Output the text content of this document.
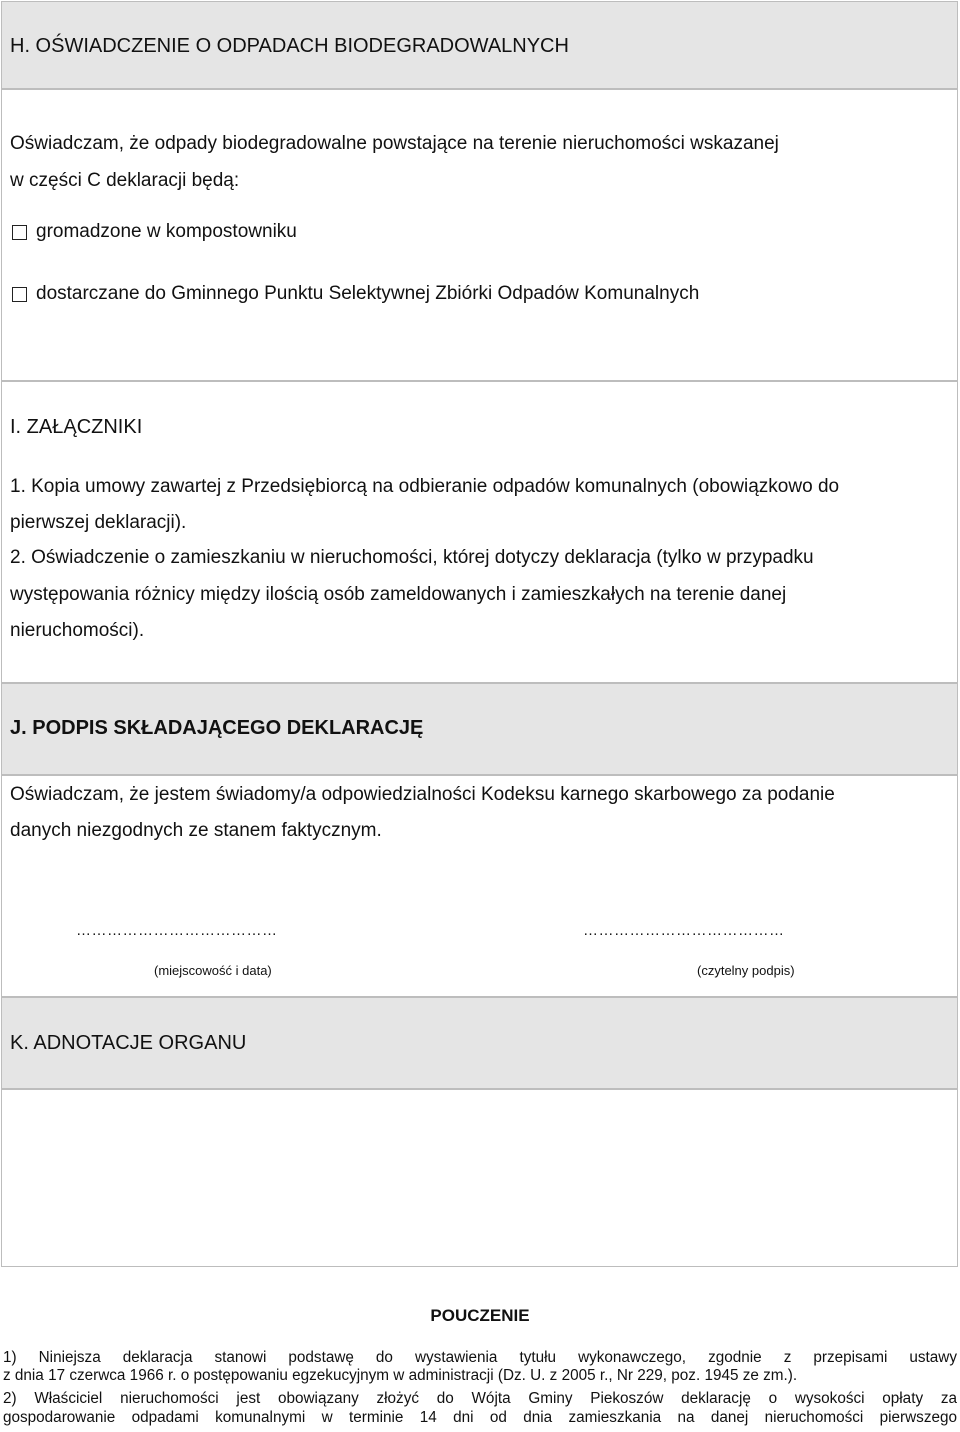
H. OŚWIADCZENIE O ODPADACH BIODEGRADOWALNYCH
Oświadczam, że odpady biodegradowalne powstające na terenie nieruchomości wskazanej
w części C deklaracji będą:
gromadzone w kompostowniku
dostarczane do Gminnego Punktu Selektywnej Zbiórki Odpadów Komunalnych
I. ZAŁĄCZNIKI
1. Kopia umowy zawartej z Przedsiębiorcą na odbieranie odpadów komunalnych (obowiązkowo do
pierwszej deklaracji).
2. Oświadczenie o zamieszkaniu w nieruchomości, której dotyczy deklaracja (tylko w przypadku
występowania różnicy między ilością osób zameldowanych i zamieszkałych na terenie danej
nieruchomości).
J. PODPIS SKŁADAJĄCEGO DEKLARACJĘ
Oświadczam, że jestem świadomy/a odpowiedzialności Kodeksu karnego skarbowego za podanie
danych niezgodnych ze stanem faktycznym.
…………………………………	…………………………………
(miejscowość i data)	(czytelny podpis)
K. ADNOTACJE ORGANU
POUCZENIE
1) Niniejsza deklaracja stanowi podstawę do wystawienia tytułu wykonawczego, zgodnie z przepisami ustawy
z dnia 17 czerwca 1966 r. o postępowaniu egzekucyjnym w administracji (Dz. U. z 2005 r., Nr 229, poz. 1945 ze zm.).
2) Właściciel nieruchomości jest obowiązany złożyć do Wójta Gminy Piekoszów deklarację o wysokości opłaty za
gospodarowanie odpadami komunalnymi w terminie 14 dni od dnia zamieszkania na danej nieruchomości pierwszego
